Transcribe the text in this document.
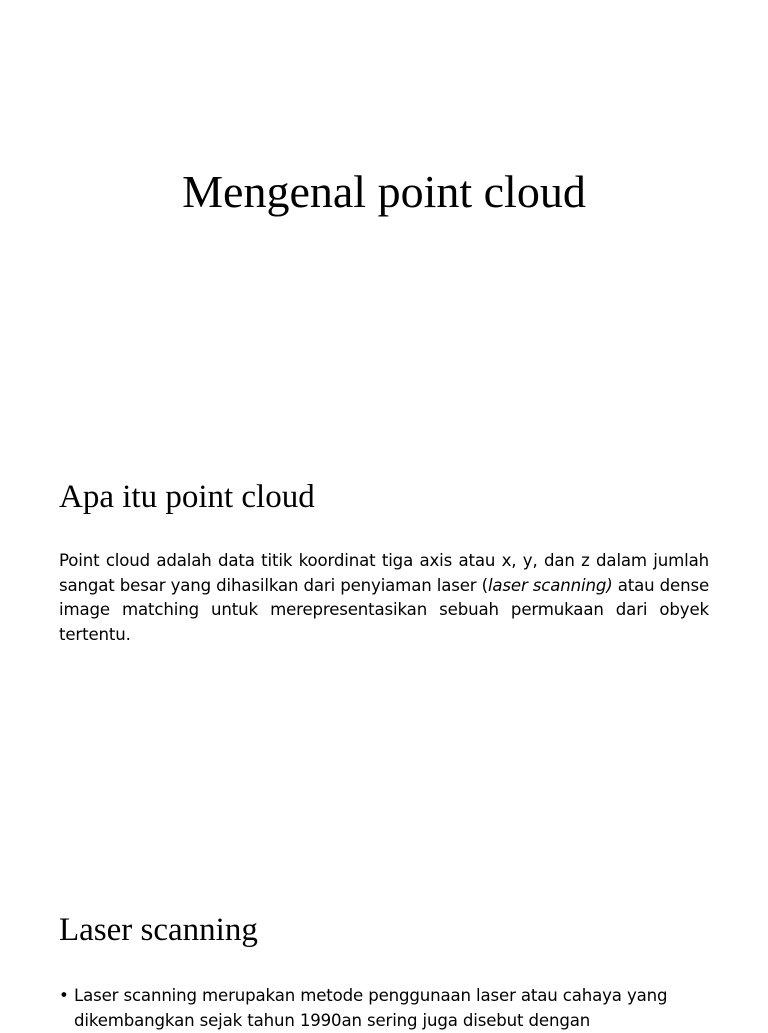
Mengenal point cloud
Apa itu point cloud

Point cloud adalah data titik koordinat tiga axis atau x, y, dan z dalam jumlah sangat besar yang dihasilkan dari penyiaman laser (laser scanning) atau dense image matching untuk merepresentasikan sebuah permukaan dari obyek tertentu.

Laser scanning
• Laser scanning merupakan metode penggunaan laser atau cahaya yang dikembangkan sejak tahun 1990an sering juga disebut dengan
